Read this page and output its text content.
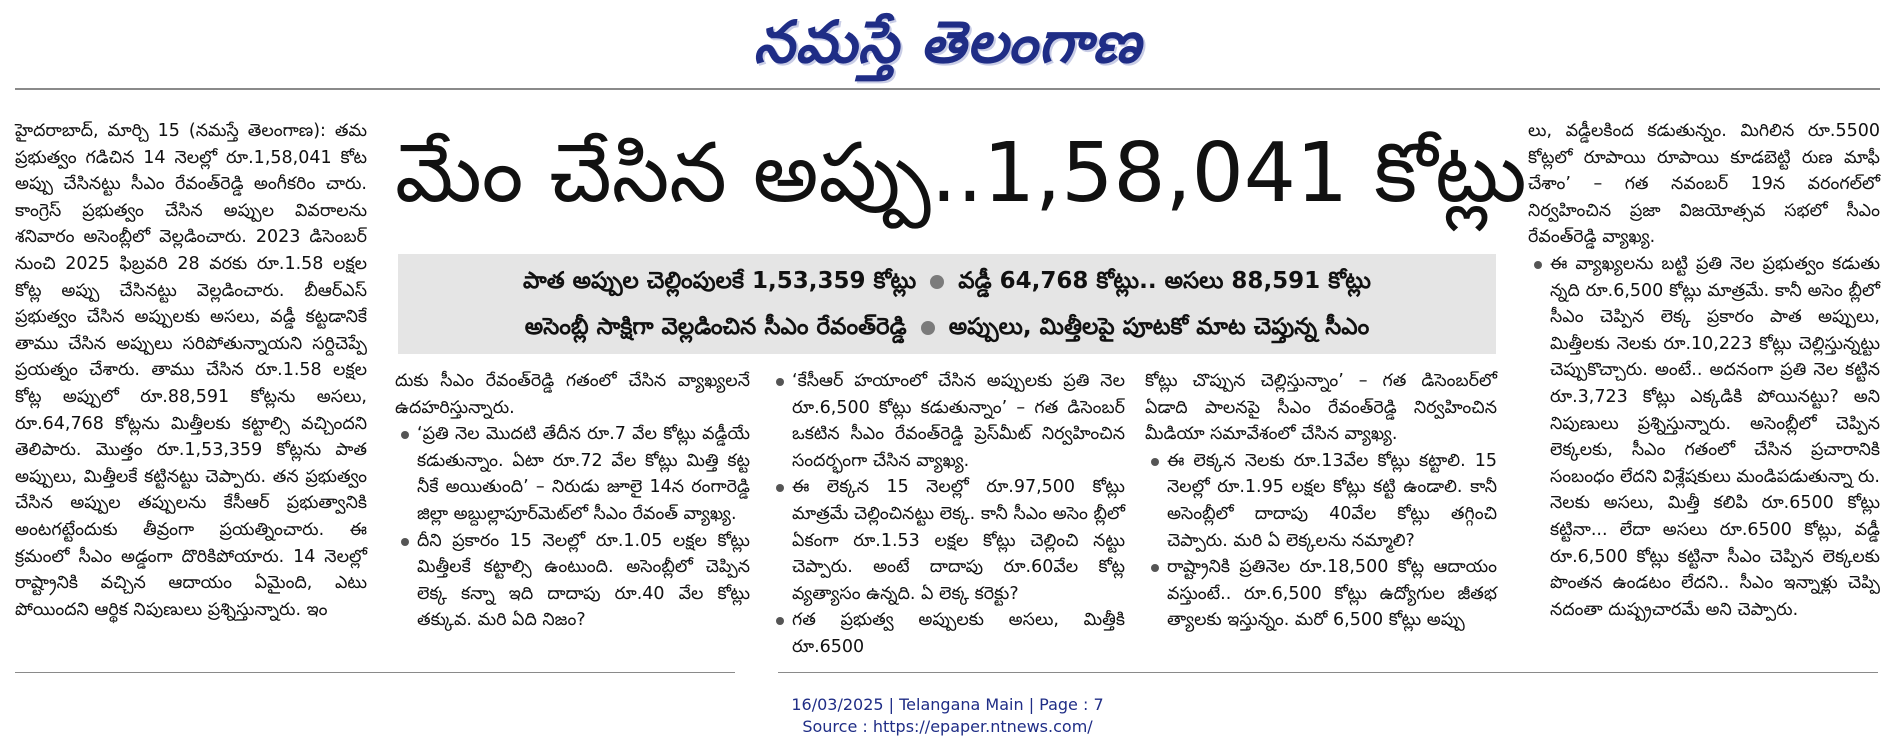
నమస్తే తెలంగాణ

హైదరాబాద్, మార్చి 15 (నమస్తే తెలంగాణ): తమ ప్రభుత్వం గడిచిన 14 నెలల్లో రూ.1,58,041 కోట అప్పు చేసినట్టు సీఎం రేవంత్‌రెడ్డి అంగీకరిం చారు. కాంగ్రెస్ ప్రభుత్వం చేసిన అప్పుల వివరాలను శనివారం అసెంబ్లీలో వెల్లడించారు. 2023 డిసెంబర్ నుంచి 2025 ఫిబ్రవరి 28 వరకు రూ.1.58 లక్షల కోట్ల అప్పు చేసినట్టు వెల్లడించారు. బీఆర్‌ఎస్ ప్రభుత్వం చేసిన అప్పులకు అసలు, వడ్డీ కట్టడానికే తాము చేసిన అప్పులు సరిపోతున్నాయని సర్దిచెప్పే ప్రయత్నం చేశారు. తాము చేసిన రూ.1.58 లక్షల కోట్ల అప్పులో రూ.88,591 కోట్లను అసలు, రూ.64,768 కోట్లను మిత్తీలకు కట్టాల్సి వచ్చిందని తెలిపారు. మొత్తం రూ.1,53,359 కోట్లను పాత అప్పులు, మిత్తీలకే కట్టినట్టు చెప్పారు. తన ప్రభుత్వం చేసిన అప్పుల తప్పులను కేసీఆర్ ప్రభుత్వానికి అంటగట్టేందుకు తీవ్రంగా ప్రయత్నించారు. ఈ క్రమంలో సీఎం అడ్డంగా దొరికిపోయారు. 14 నెలల్లో రాష్ట్రానికి వచ్చిన ఆదాయం ఏమైంది, ఎటు పోయిందని ఆర్థిక నిపుణులు ప్రశ్నిస్తున్నారు. ఇం

మేం చేసిన అప్పు..1,58,041 కోట్లు
పాత అప్పుల చెల్లింపులకే 1,53,359 కోట్లు వడ్డీ 64,768 కోట్లు.. అసలు 88,591 కోట్లు
అసెంబ్లీ సాక్షిగా వెల్లడించిన సీఎం రేవంత్‌రెడ్డి అప్పులు, మిత్తీలపై పూటకో మాట చెప్తున్న సీఎం

దుకు సీఎం రేవంత్‌రెడ్డి గతంలో చేసిన వ్యాఖ్యలనే ఉదహరిస్తున్నారు.

‘ప్రతి నెల మొదటి తేదీన రూ.7 వేల కోట్లు వడ్డీయే కడుతున్నాం. ఏటా రూ.72 వేల కోట్లు మిత్తి కట్ట నీకే అయితుంది’ – నిరుడు జూలై 14న రంగారెడ్డి జిల్లా అబ్దుల్లాపూర్‌మెట్‌లో సీఎం రేవంత్ వ్యాఖ్య.
దీని ప్రకారం 15 నెలల్లో రూ.1.05 లక్షల కోట్లు మిత్తీలకే కట్టాల్సి ఉంటుంది. అసెంబ్లీలో చెప్పిన లెక్క కన్నా ఇది దాదాపు రూ.40 వేల కోట్లు తక్కువ. మరి ఏది నిజం?
‘కేసీఆర్ హయాంలో చేసిన అప్పులకు ప్రతి నెల రూ.6,500 కోట్లు కడుతున్నాం’ – గత డిసెంబర్ ఒకటిన సీఎం రేవంత్‌రెడ్డి ప్రెస్‌మీట్ నిర్వహించిన సందర్భంగా చేసిన వ్యాఖ్య.
ఈ లెక్కన 15 నెలల్లో రూ.97,500 కోట్లు మాత్రమే చెల్లించినట్టు లెక్క. కానీ సీఎం అసెం బ్లీలో ఏకంగా రూ.1.53 లక్షల కోట్లు చెల్లించి నట్టు చెప్పారు. అంటే దాదాపు రూ.60వేల కోట్ల వ్యత్యాసం ఉన్నది. ఏ లెక్క కరెక్టు?
గత ప్రభుత్వ అప్పులకు అసలు, మిత్తీకి రూ.6500

కోట్లు చొప్పున చెల్లిస్తున్నాం’ – గత డిసెంబర్‌లో ఏడాది పాలనపై సీఎం రేవంత్‌రెడ్డి నిర్వహించిన మీడియా సమావేశంలో చేసిన వ్యాఖ్య.

ఈ లెక్కన నెలకు రూ.13వేల కోట్లు కట్టాలి. 15 నెలల్లో రూ.1.95 లక్షల కోట్లు కట్టి ఉండాలి. కానీ అసెంబ్లీలో దాదాపు 40వేల కోట్లు తగ్గించి చెప్పారు. మరి ఏ లెక్కలను నమ్మాలి?
రాష్ట్రానికి ప్రతినెల రూ.18,500 కోట్ల ఆదాయం వస్తుంటే.. రూ.6,500 కోట్లు ఉద్యోగుల జీతభ త్యాలకు ఇస్తున్నం. మరో 6,500 కోట్లు అప్పు

లు, వడ్డీలకింద కడుతున్నం. మిగిలిన రూ.5500 కోట్లలో రూపాయి రూపాయి కూడబెట్టి రుణ మాఫీ చేశాం’ – గత నవంబర్ 19న వరంగల్‌లో నిర్వహించిన ప్రజా విజయోత్సవ సభలో సీఎం రేవంత్‌రెడ్డి వ్యాఖ్య.

ఈ వ్యాఖ్యలను బట్టి ప్రతి నెల ప్రభుత్వం కడుతు న్నది రూ.6,500 కోట్లు మాత్రమే. కానీ అసెం బ్లీలో సీఎం చెప్పిన లెక్క ప్రకారం పాత అప్పులు, మిత్తీలకు నెలకు రూ.10,223 కోట్లు చెల్లిస్తున్నట్టు చెప్పుకొచ్చారు. అంటే.. అదనంగా ప్రతి నెల కట్టిన రూ.3,723 కోట్లు ఎక్కడికి పోయినట్టు? అని నిపుణులు ప్రశ్నిస్తున్నారు. అసెంబ్లీలో చెప్పిన లెక్కలకు, సీఎం గతంలో చేసిన ప్రచారానికి సంబంధం లేదని విశ్లేషకులు మండిపడుతున్నా రు. నెలకు అసలు, మిత్తీ కలిపి రూ.6500 కోట్లు కట్టినా... లేదా అసలు రూ.6500 కోట్లు, వడ్డీ రూ.6,500 కోట్లు కట్టినా సీఎం చెప్పిన లెక్కలకు పొంతన ఉండటం లేదని.. సీఎం ఇన్నాళ్లు చెప్పి నదంతా దుష్ప్రచారమే అని చెప్పారు.
16/03/2025 | Telangana Main | Page : 7
Source : https://epaper.ntnews.com/
